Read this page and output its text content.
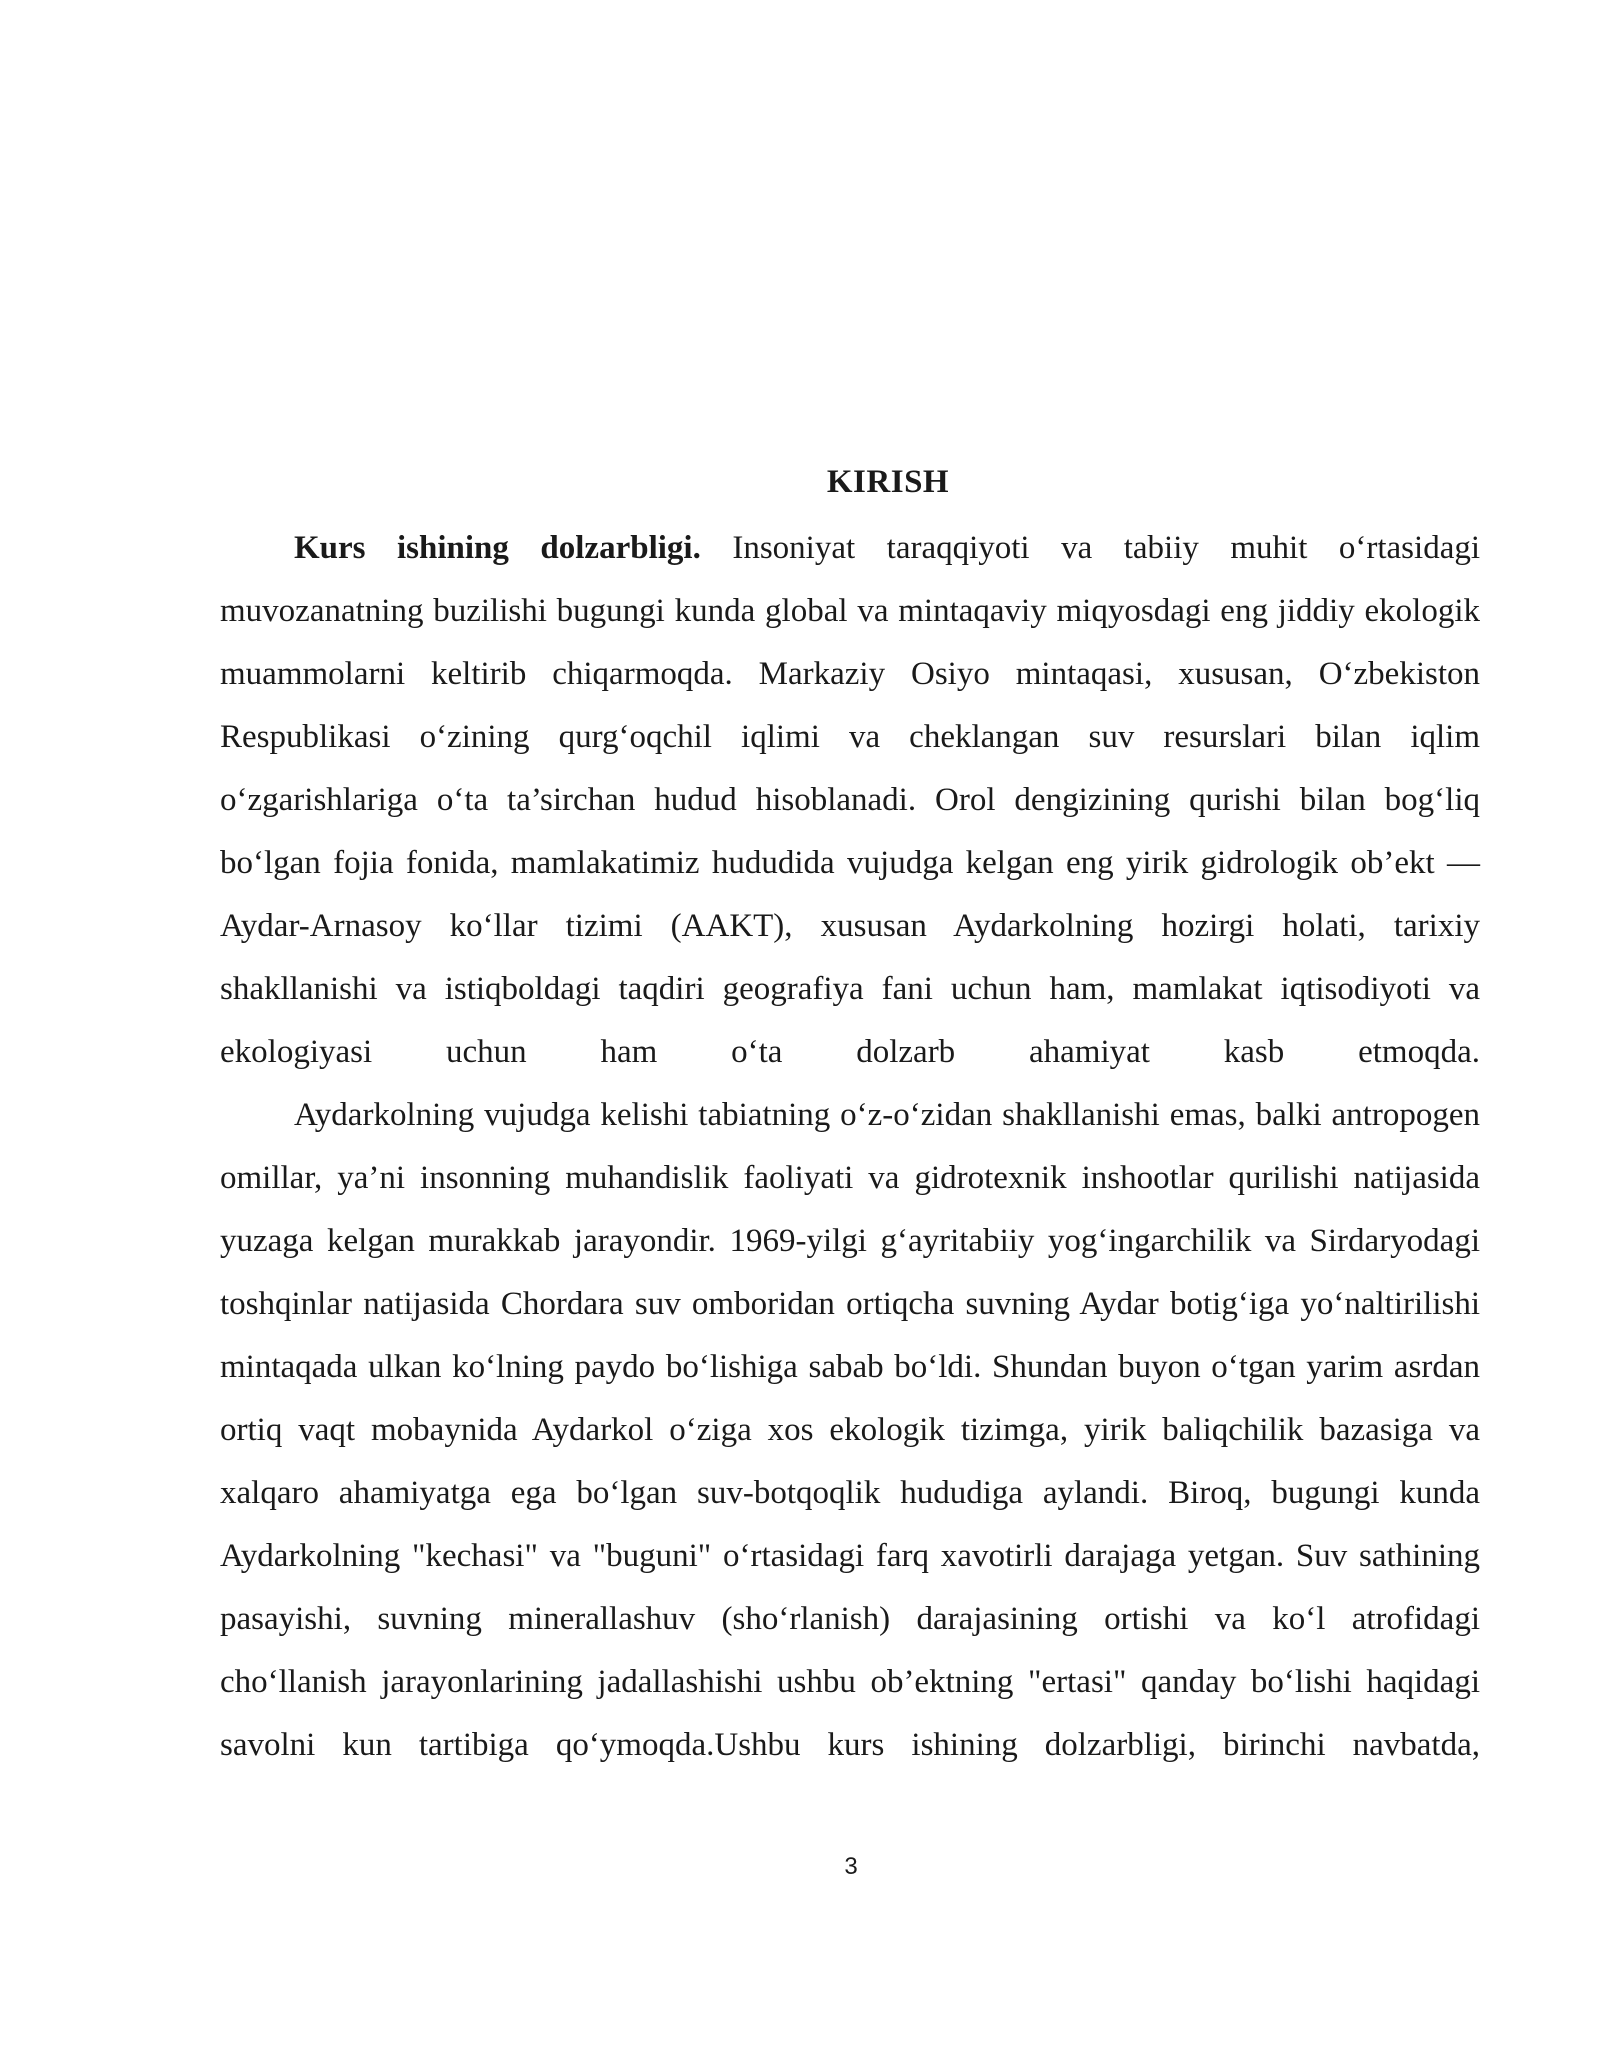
KIRISH

Kurs ishining dolzarbligi. Insoniyat taraqqiyoti va tabiiy muhit o‘rtasidagi muvozanatning buzilishi bugungi kunda global va mintaqaviy miqyosdagi eng jiddiy ekologik muammolarni keltirib chiqarmoqda. Markaziy Osiyo mintaqasi, xususan, O‘zbekiston Respublikasi o‘zining qurg‘oqchil iqlimi va cheklangan suv resurslari bilan iqlim o‘zgarishlariga o‘ta ta’sirchan hudud hisoblanadi. Orol dengizining qurishi bilan bog‘liq bo‘lgan fojia fonida, mamlakatimiz hududida vujudga kelgan eng yirik gidrologik ob’ekt — Aydar-Arnasoy ko‘llar tizimi (AAKT), xususan Aydarkolning hozirgi holati, tarixiy shakllanishi va istiqboldagi taqdiri geografiya fani uchun ham, mamlakat iqtisodiyoti va ekologiyasi uchun ham o‘ta dolzarb ahamiyat kasb etmoqda.

Aydarkolning vujudga kelishi tabiatning o‘z-o‘zidan shakllanishi emas, balki antropogen omillar, ya’ni insonning muhandislik faoliyati va gidrotexnik inshootlar qurilishi natijasida yuzaga kelgan murakkab jarayondir. 1969-yilgi g‘ayritabiiy yog‘ingarchilik va Sirdaryodagi toshqinlar natijasida Chordara suv omboridan ortiqcha suvning Aydar botig‘iga yo‘naltirilishi mintaqada ulkan ko‘lning paydo bo‘lishiga sabab bo‘ldi. Shundan buyon o‘tgan yarim asrdan ortiq vaqt mobaynida Aydarkol o‘ziga xos ekologik tizimga, yirik baliqchilik bazasiga va xalqaro ahamiyatga ega bo‘lgan suv-botqoqlik hududiga aylandi. Biroq, bugungi kunda Aydarkolning "kechasi" va "buguni" o‘rtasidagi farq xavotirli darajaga yetgan. Suv sathining pasayishi, suvning minerallashuv (sho‘rlanish) darajasining ortishi va ko‘l atrofidagi cho‘llanish jarayonlarining jadallashishi ushbu ob’ektning "ertasi" qanday bo‘lishi haqidagi savolni kun tartibiga qo‘ymoqda.Ushbu kurs ishining dolzarbligi, birinchi navbatda,

3
